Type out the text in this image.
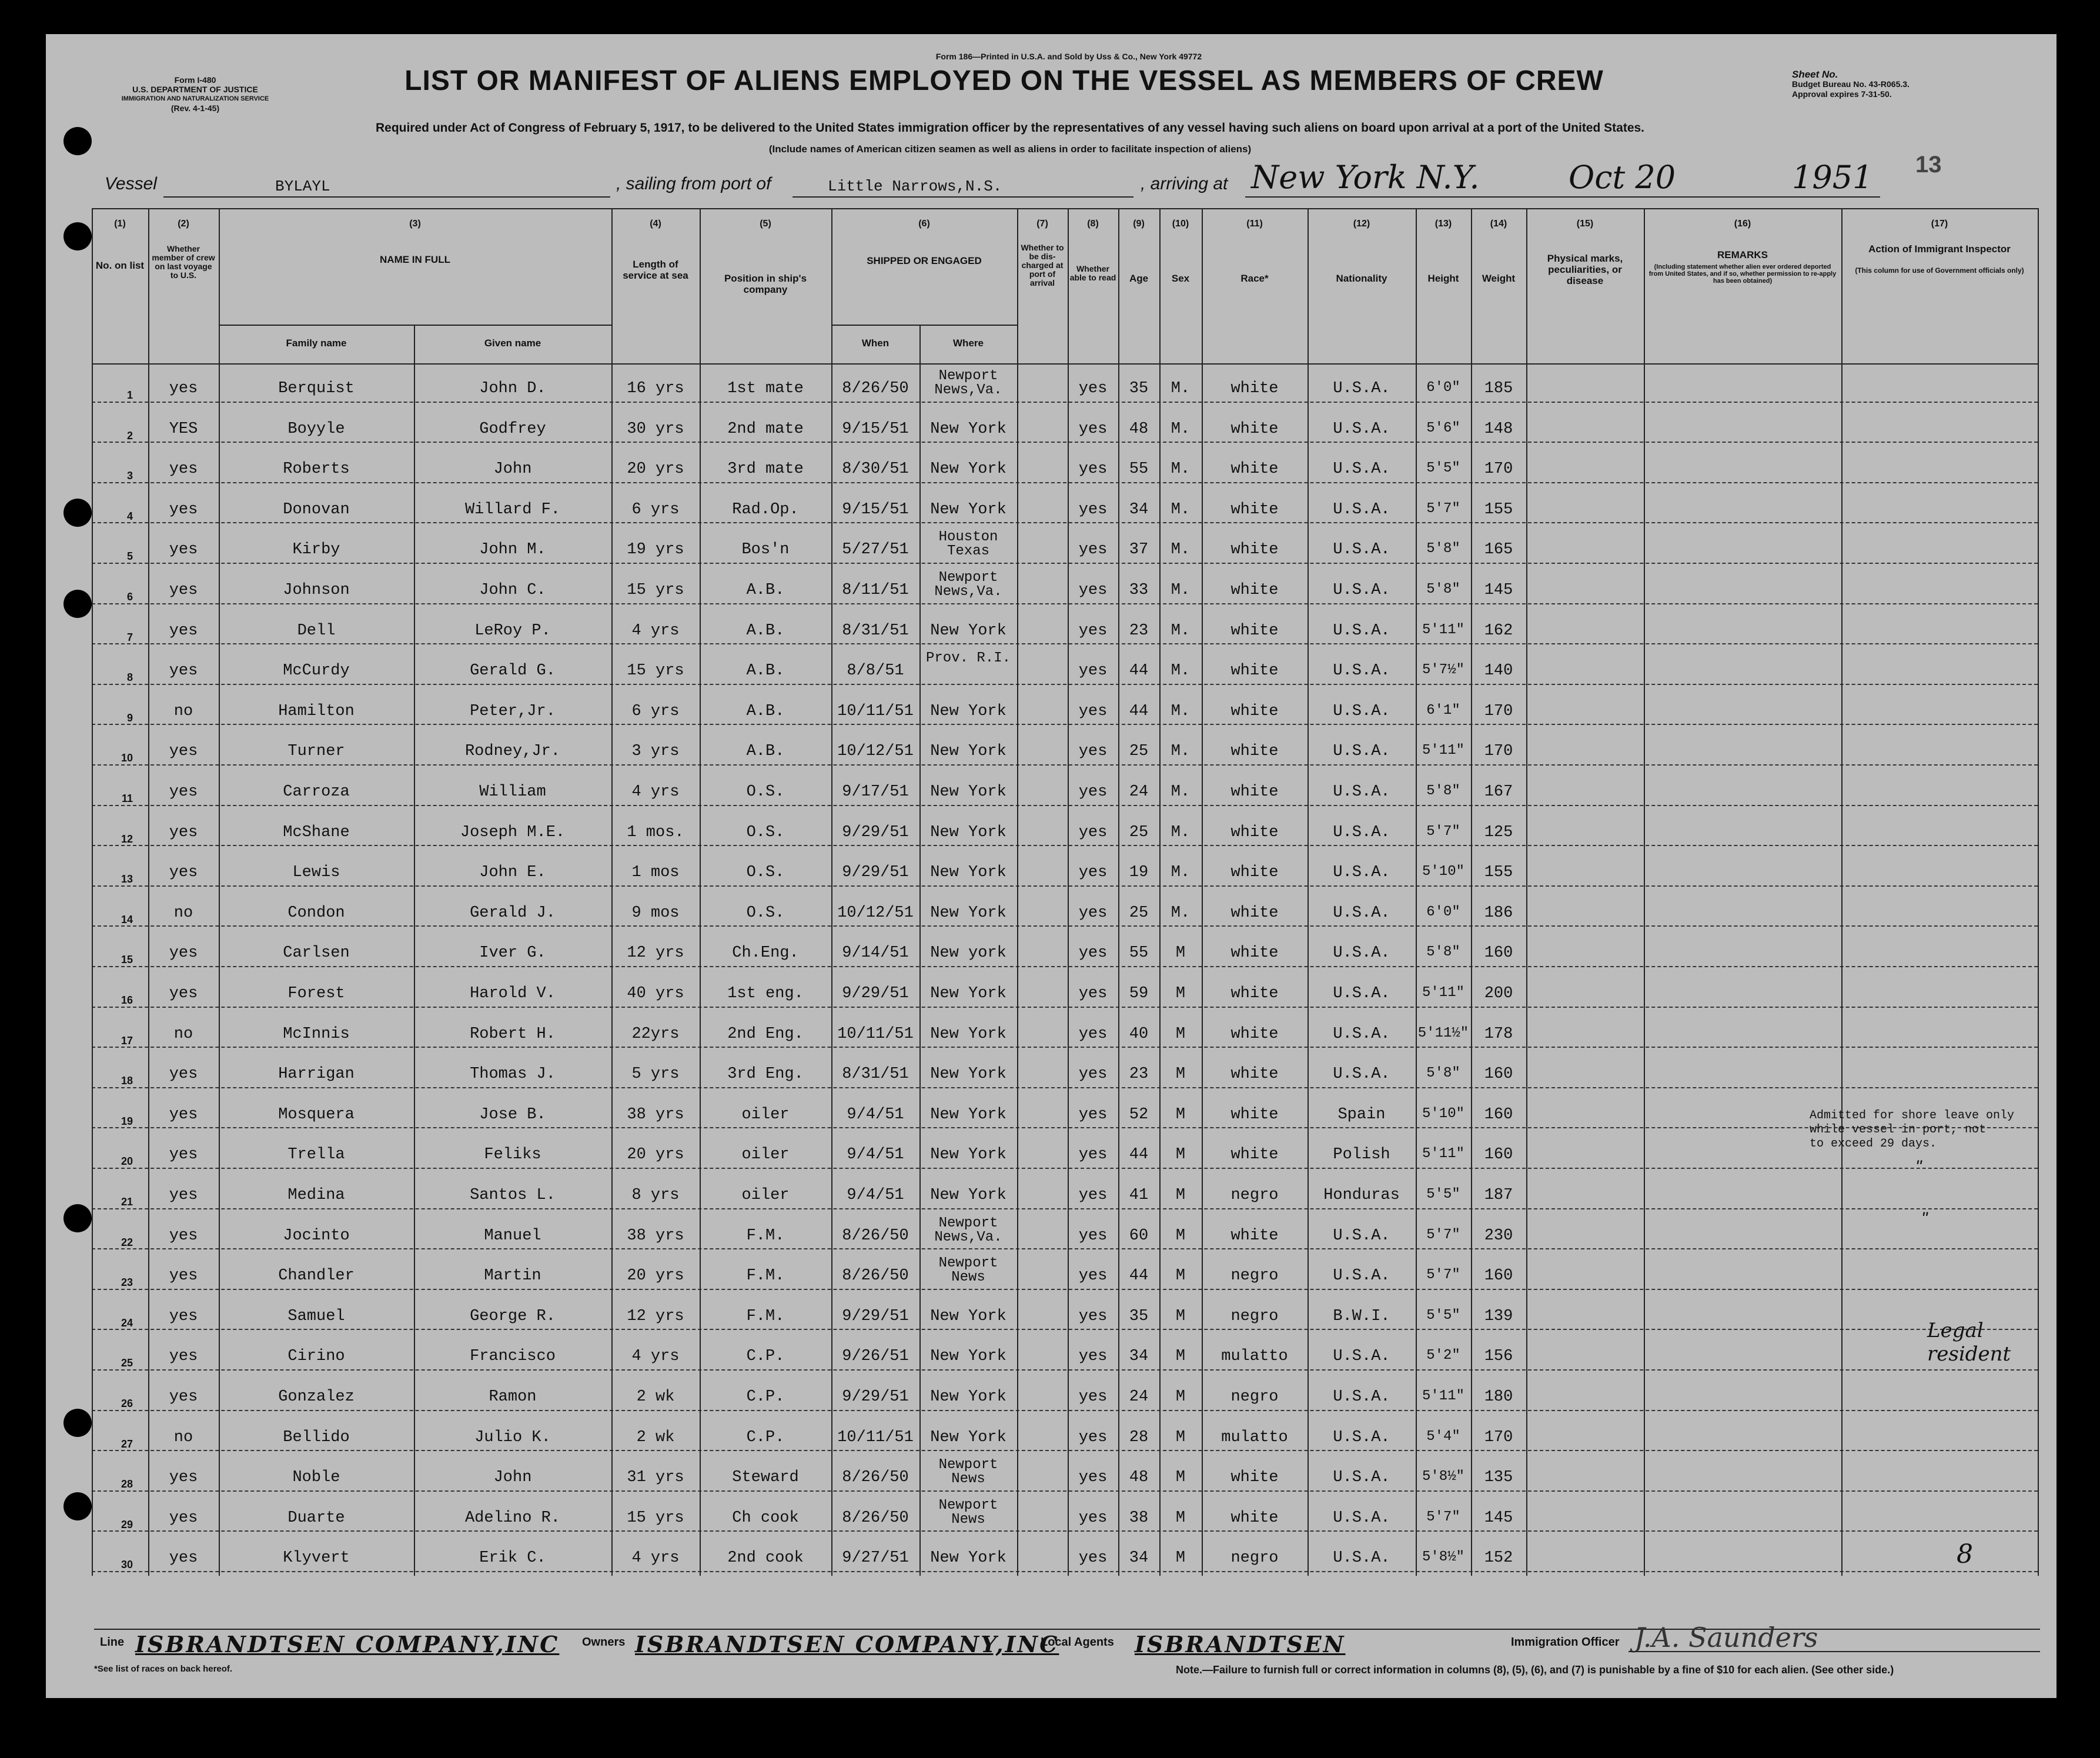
Form I-480
U.S. DEPARTMENT OF JUSTICE
IMMIGRATION AND NATURALIZATION SERVICE
(Rev. 4-1-45)
Form 186—Printed in U.S.A. and Sold by Uss & Co., New York 49772
LIST OR MANIFEST OF ALIENS EMPLOYED ON THE VESSEL AS MEMBERS OF CREW
Required under Act of Congress of February 5, 1917, to be delivered to the United States immigration officer by the representatives of any vessel having such aliens on board upon arrival at a port of the United States.
(Include names of American citizen seamen as well as aliens in order to facilitate inspection of aliens)
Sheet No.
Budget Bureau No. 43-R065.3.
Approval expires 7-31-50.
13
Vessel	BYLAYL	, sailing from port of	Little Narrows,N.S.	, arriving at New York N.Y.	Oct 20	1951
(1)
No. on list
(2)
Whether member of crew on last voyage to U.S.
(3)
NAME IN FULL
Family name	Given name
(4)
Length of service at sea
(5)
Position in ship's company
(6)
SHIPPED OR ENGAGED
When	Where
(7)
Whether to be dis-charged at port of arrival
(8)
Whether able to read
(9)
Age
(10)
Sex
(11)
Race*
(12)
Nationality
(13)
Height
(14)
Weight
(15)
Physical marks, peculiarities, or disease
(16)
REMARKS
(Including statement whether alien ever ordered deported from United States, and if so, whether permission to re-apply has been obtained)
(17)
Action of Immigrant Inspector
(This column for use of Government officials only)
1	yes	Berquist	John D.	16 yrs	1st mate	8/26/50
Newport News,Va.	yes	35	M.	white	U.S.A.	6'0"	185
2	YES	Boyyle	Godfrey	30 yrs	2nd mate	9/15/51	New York	yes	48	M.	white	U.S.A.	5'6"	148
3	yes	Roberts	John	20 yrs	3rd mate	8/30/51	New York	yes	55	M.	white	U.S.A.	5'5"	170
4	yes	Donovan	Willard F.	6 yrs	Rad.Op.	9/15/51	New York	yes	34	M.	white	U.S.A.	5'7"	155
5	yes	Kirby	John M.	19 yrs	Bos'n	5/27/51
Houston Texas	yes	37	M.	white	U.S.A.	5'8"	165
6	yes	Johnson	John C.	15 yrs	A.B.	8/11/51
Newport News,Va.	yes	33	M.	white	U.S.A.	5'8"	145
7	yes	Dell	LeRoy P.	4 yrs	A.B.	8/31/51	New York	yes	23	M.	white	U.S.A.	5'11"	162
8	yes	McCurdy	Gerald G.	15 yrs	A.B.	8/8/51
Prov. R.I.
yes	44	M.	white	U.S.A.	5'7½"	140
9	no	Hamilton	Peter,Jr.	6 yrs	A.B.	10/11/51	New York	yes	44	M.	white	U.S.A.	6'1"	170
10	yes	Turner	Rodney,Jr.	3 yrs	A.B.	10/12/51	New York	yes	25	M.	white	U.S.A.	5'11"	170
11	yes	Carroza	William	4 yrs	O.S.	9/17/51	New York	yes	24	M.	white	U.S.A.	5'8"	167
12	yes	McShane	Joseph M.E.	1 mos.	O.S.	9/29/51	New York	yes	25	M.	white	U.S.A.	5'7"	125
13	yes	Lewis	John E.	1 mos	O.S.	9/29/51	New York	yes	19	M.	white	U.S.A.	5'10"	155
14	no	Condon	Gerald J.	9 mos	O.S.	10/12/51	New York	yes	25	M.	white	U.S.A.	6'0"	186
15	yes	Carlsen	Iver G.	12 yrs	Ch.Eng.	9/14/51	New york	yes	55	M	white	U.S.A.	5'8"	160
16	yes	Forest	Harold V.	40 yrs	1st eng.	9/29/51	New York	yes	59	M	white	U.S.A.	5'11"	200
17	no	McInnis	Robert H.	22yrs	2nd Eng.	10/11/51	New York	yes	40	M	white	U.S.A.	5'11½" 178
18	yes	Harrigan	Thomas J.	5 yrs	3rd Eng.	8/31/51	New York	yes	23	M	white	U.S.A.	5'8"	160
19	yes	Mosquera	Jose B.	38 yrs	oiler	9/4/51	New York	yes	52	M	white	Spain	5'10"	160
20	yes	Trella	Feliks	20 yrs	oiler	9/4/51	New York	yes	44	M	white	Polish	5'11"	160
21	yes	Medina	Santos L.	8 yrs	oiler	9/4/51	New York	yes	41	M	negro	Honduras	5'5"	187
22	yes	Jocinto	Manuel	38 yrs	F.M.	8/26/50
Newport News,Va.	yes	60	M	white	U.S.A.	5'7"	230
23	yes	Chandler	Martin	20 yrs	F.M.	8/26/50
Newport News	yes	44	M	negro	U.S.A.	5'7"	160
24	yes	Samuel	George R.	12 yrs	F.M.	9/29/51	New York	yes	35	M	negro	B.W.I.	5'5"	139
25	yes	Cirino	Francisco	4 yrs	C.P.	9/26/51	New York	yes	34	M	mulatto	U.S.A.	5'2"	156
26	yes	Gonzalez	Ramon	2 wk	C.P.	9/29/51	New York	yes	24	M	negro	U.S.A.	5'11"	180
27	no	Bellido	Julio K.	2 wk	C.P.	10/11/51	New York	yes	28	M	mulatto	U.S.A.	5'4"	170
28	yes	Noble	John	31 yrs	Steward	8/26/50
Newport News	yes	48	M	white	U.S.A.	5'8½"	135
29	yes	Duarte	Adelino R.	15 yrs	Ch cook	8/26/50
Newport News	yes	38	M	white	U.S.A.	5'7"	145
30	yes	Klyvert	Erik C.	4 yrs	2nd cook	9/27/51	New York	yes	34	M	negro	U.S.A.	5'8½"	152
Admitted for shore leave only
while vessel in port, not
to exceed 29 days.
"
"
Legal resident
8
Line ISBRANDTSEN COMPANY,INC Owners ISBRANDTSEN COMPANY,INC
Local Agents ISBRANDTSEN	Immigration Officer J.A. Saunders
*See list of races on back hereof.	Note.—Failure to furnish full or correct information in columns (8), (5), (6), and (7) is punishable by a fine of $10 for each alien. (See other side.)
